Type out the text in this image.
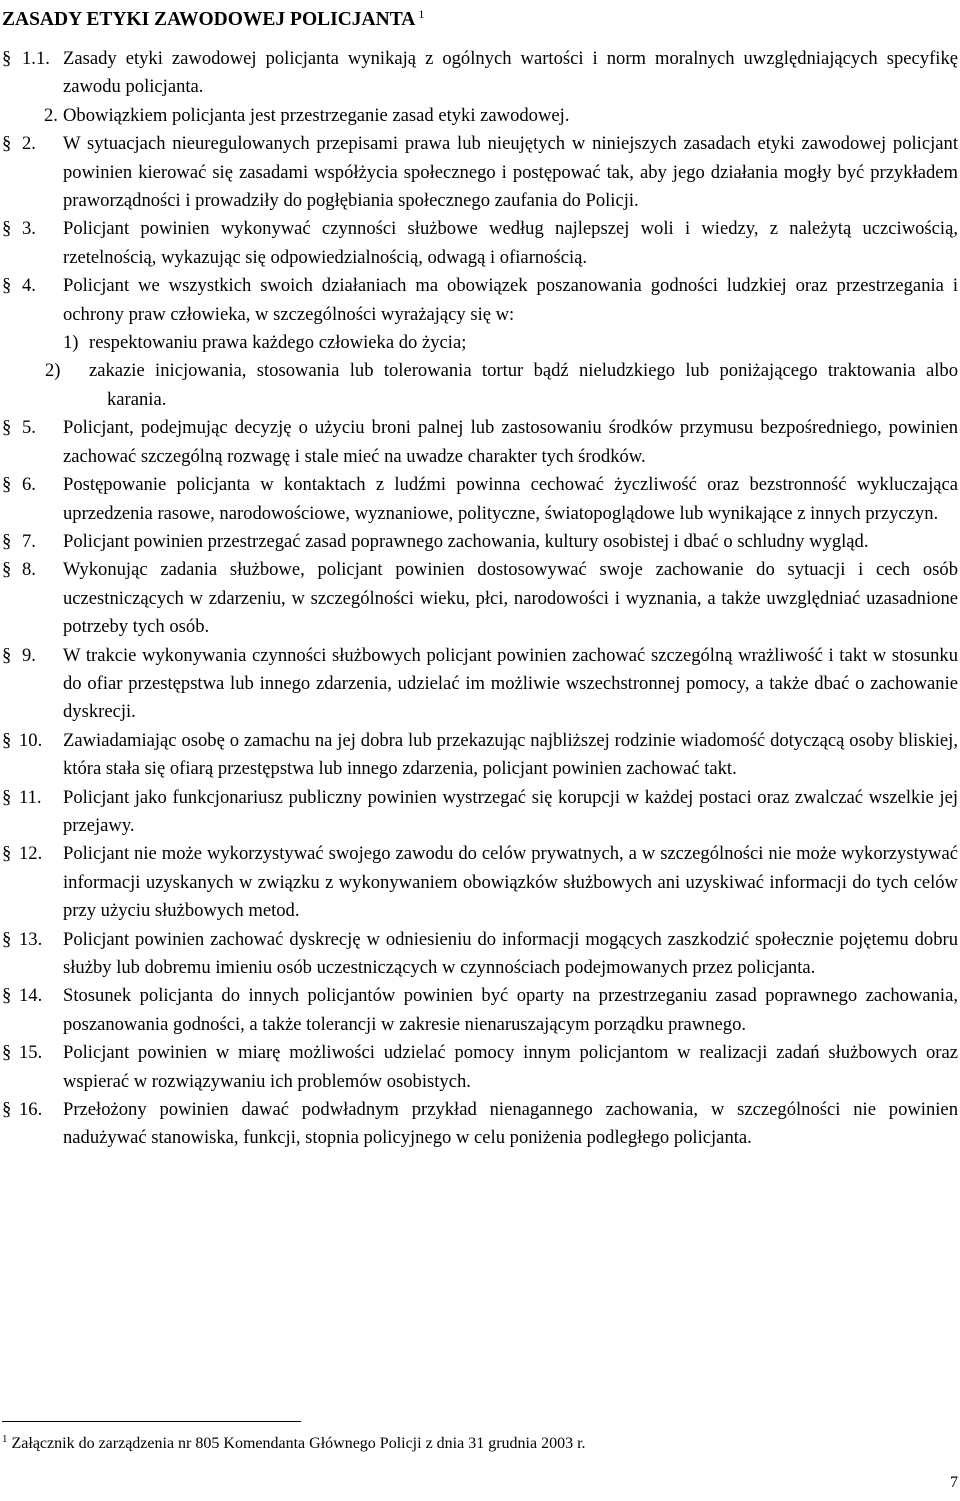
ZASADY ETYKI ZAWODOWEJ POLICJANTA $^1$
§ 1.1. Zasady etyki zawodowej policjanta wynikają z ogólnych wartości i norm moralnych uwzględniających specyfikę zawodu policjanta.
2. Obowiązkiem policjanta jest przestrzeganie zasad etyki zawodowej.
§ 2. W sytuacjach nieuregulowanych przepisami prawa lub nieujętych w niniejszych zasadach etyki zawodowej policjant powinien kierować się zasadami współżycia społecznego i postępować tak, aby jego działania mogły być przykładem praworządności i prowadziły do pogłębiania społecznego zaufania do Policji.
§ 3. Policjant powinien wykonywać czynności służbowe według najlepszej woli i wiedzy, z należytą uczciwością, rzetelnością, wykazując się odpowiedzialnością, odwagą i ofiarnością.
§ 4. Policjant we wszystkich swoich działaniach ma obowiązek poszanowania godności ludzkiej oraz przestrzegania i ochrony praw człowieka, w szczególności wyrażający się w:
1) respektowaniu prawa każdego człowieka do życia;
2) zakazie inicjowania, stosowania lub tolerowania tortur bądź nieludzkiego lub poniżającego traktowania albo karania.
§ 5. Policjant, podejmując decyzję o użyciu broni palnej lub zastosowaniu środków przymusu bezpośredniego, powinien zachować szczególną rozwagę i stale mieć na uwadze charakter tych środków.
§ 6. Postępowanie policjanta w kontaktach z ludźmi powinna cechować życzliwość oraz bezstronność wykluczająca uprzedzenia rasowe, narodowościowe, wyznaniowe, polityczne, światopoglądowe lub wynikające z innych przyczyn.
§ 7. Policjant powinien przestrzegać zasad poprawnego zachowania, kultury osobistej i dbać o schludny wygląd.
§ 8. Wykonując zadania służbowe, policjant powinien dostosowywać swoje zachowanie do sytuacji i cech osób uczestniczących w zdarzeniu, w szczególności wieku, płci, narodowości i wyznania, a także uwzględniać uzasadnione potrzeby tych osób.
§ 9. W trakcie wykonywania czynności służbowych policjant powinien zachować szczególną wrażliwość i takt w stosunku do ofiar przestępstwa lub innego zdarzenia, udzielać im możliwie wszechstronnej pomocy, a także dbać o zachowanie dyskrecji.
§ 10. Zawiadamiając osobę o zamachu na jej dobra lub przekazując najbliższej rodzinie wiadomość dotyczącą osoby bliskiej, która stała się ofiarą przestępstwa lub innego zdarzenia, policjant powinien zachować takt.
§ 11. Policjant jako funkcjonariusz publiczny powinien wystrzegać się korupcji w każdej postaci oraz zwalczać wszelkie jej przejawy.
§ 12. Policjant nie może wykorzystywać swojego zawodu do celów prywatnych, a w szczególności nie może wykorzystywać informacji uzyskanych w związku z wykonywaniem obowiązków służbowych ani uzyskiwać informacji do tych celów przy użyciu służbowych metod.
§ 13. Policjant powinien zachować dyskrecję w odniesieniu do informacji mogących zaszkodzić społecznie pojętemu dobru służby lub dobremu imieniu osób uczestniczących w czynnościach podejmowanych przez policjanta.
§ 14. Stosunek policjanta do innych policjantów powinien być oparty na przestrzeganiu zasad poprawnego zachowania, poszanowania godności, a także tolerancji w zakresie nienaruszającym porządku prawnego.
§ 15. Policjant powinien w miarę możliwości udzielać pomocy innym policjantom w realizacji zadań służbowych oraz wspierać w rozwiązywaniu ich problemów osobistych.
§ 16. Przełożony powinien dawać podwładnym przykład nienagannego zachowania, w szczególności nie powinien nadużywać stanowiska, funkcji, stopnia policyjnego w celu poniżenia podległego policjanta.
$^1$ Załącznik do zarządzenia nr 805 Komendanta Głównego Policji z dnia 31 grudnia 2003 r.
7
